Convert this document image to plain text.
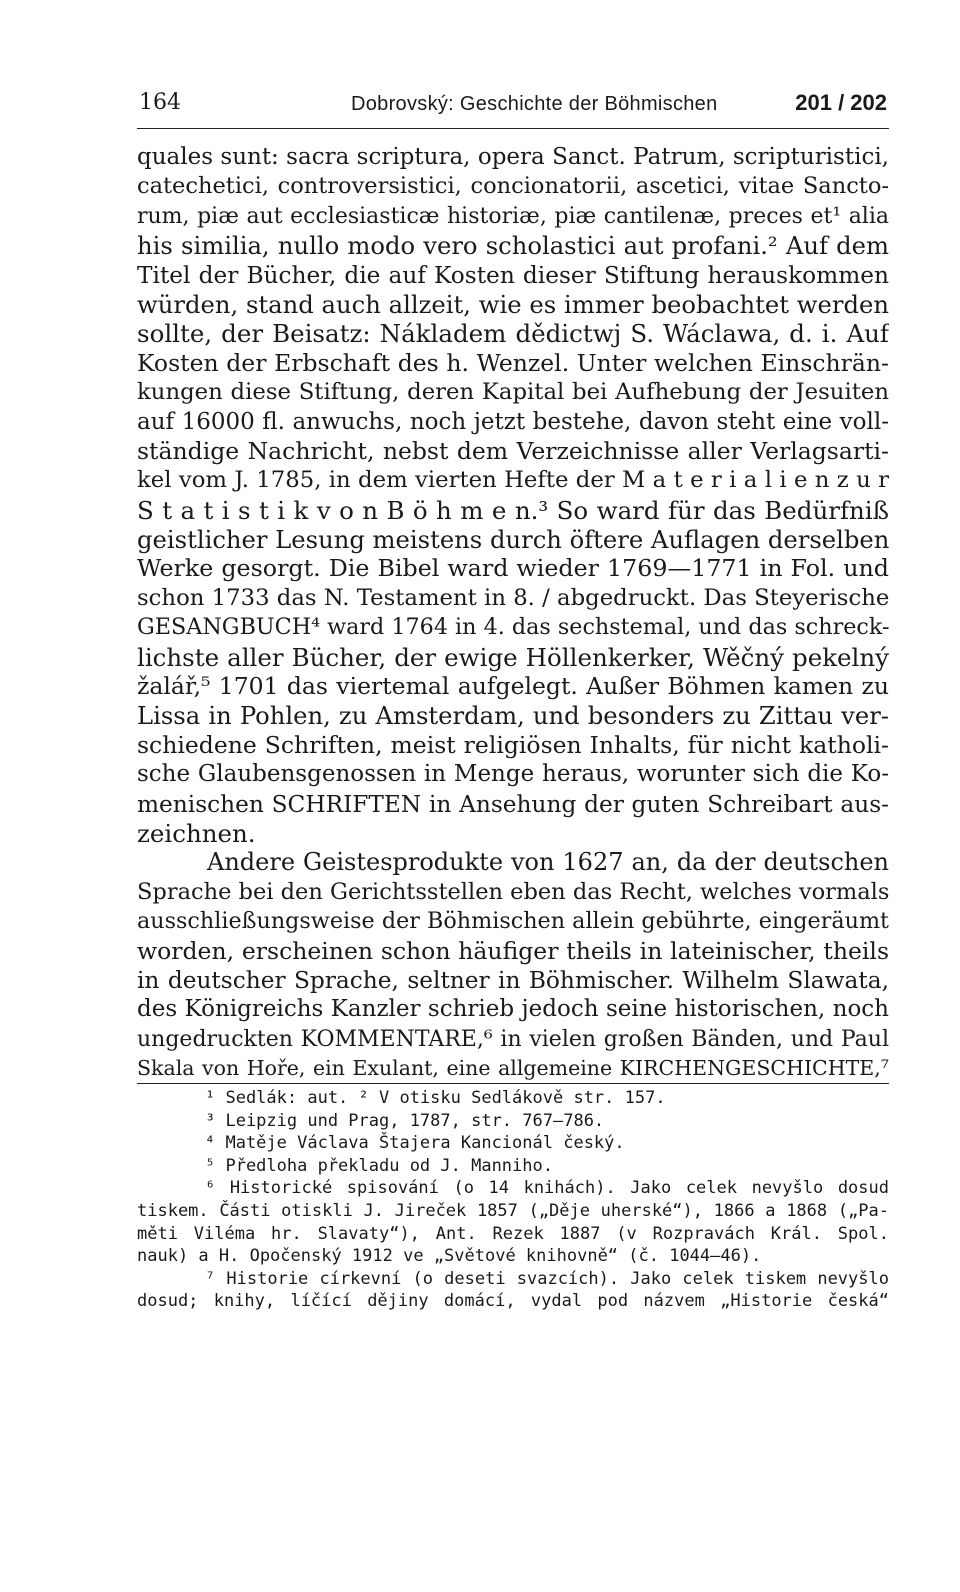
164	Dobrovský: Geschichte der Böhmischen	201 / 202
quales sunt: sacra scriptura, opera Sanct. Patrum, scripturistici,
catechetici, controversistici, concionatorii, ascetici, vitae Sancto-
rum, piæ aut ecclesiasticæ historiæ, piæ cantilenæ, preces et¹ alia
his similia, nullo modo vero scholastici aut profani.² Auf dem
Titel der Bücher, die auf Kosten dieser Stiftung herauskommen
würden, stand auch allzeit, wie es immer beobachtet werden
sollte, der Beisatz: Nákladem dědictwj S. Wáclawa, d. i. Auf
Kosten der Erbschaft des h. Wenzel. Unter welchen Einschrän-
kungen diese Stiftung, deren Kapital bei Aufhebung der Jesuiten
auf 16000 fl. anwuchs, noch jetzt bestehe, davon steht eine voll-
ständige Nachricht, nebst dem Verzeichnisse aller Verlagsarti-
kel vom J. 1785, in dem vierten Hefte der M a t e r i a l i e n z u r
S t a t i s t i k v o n B ö h m e n.³ So ward für das Bedürfniß
geistlicher Lesung meistens durch öftere Auflagen derselben
Werke gesorgt. Die Bibel ward wieder 1769—1771 in Fol. und
schon 1733 das N. Testament in 8. / abgedruckt. Das Steyerische
GESANGBUCH⁴ ward 1764 in 4. das sechstemal, und das schreck-
lichste aller Bücher, der ewige Höllenkerker, Wěčný pekelný
žalář,⁵ 1701 das viertemal aufgelegt. Außer Böhmen kamen zu
Lissa in Pohlen, zu Amsterdam, und besonders zu Zittau ver-
schiedene Schriften, meist religiösen Inhalts, für nicht katholi-
sche Glaubensgenossen in Menge heraus, worunter sich die Ko-
menischen SCHRIFTEN in Ansehung der guten Schreibart aus-
zeichnen.
Andere Geistesprodukte von 1627 an, da der deutschen
Sprache bei den Gerichtsstellen eben das Recht, welches vormals
ausschließungsweise der Böhmischen allein gebührte, eingeräumt
worden, erscheinen schon häufiger theils in lateinischer, theils
in deutscher Sprache, seltner in Böhmischer. Wilhelm Slawata,
des Königreichs Kanzler schrieb jedoch seine historischen, noch
ungedruckten KOMMENTARE,⁶ in vielen großen Bänden, und Paul
Skala von Hoře, ein Exulant, eine allgemeine KIRCHENGESCHICHTE,⁷
¹ Sedlák: aut. ² V otisku Sedlákově str. 157.
³ Leipzig und Prag, 1787, str. 767—786.
⁴ Matěje Václava Štajera Kancionál český.
⁵ Předloha překladu od J. Manniho.
⁶ Historické spisování (o 14 knihách). Jako celek nevyšlo dosud
tiskem. Části otiskli J. Jireček 1857 („Děje uherské“), 1866 a 1868 („Pa-
měti Viléma hr. Slavaty“), Ant. Rezek 1887 (v Rozpravách Král. Spol.
nauk) a H. Opočenský 1912 ve „Světové knihovně“ (č. 1044—46).
⁷ Historie církevní (o deseti svazcích). Jako celek tiskem nevyšlo
dosud; knihy, líčící dějiny domácí, vydal pod názvem „Historie česká“
